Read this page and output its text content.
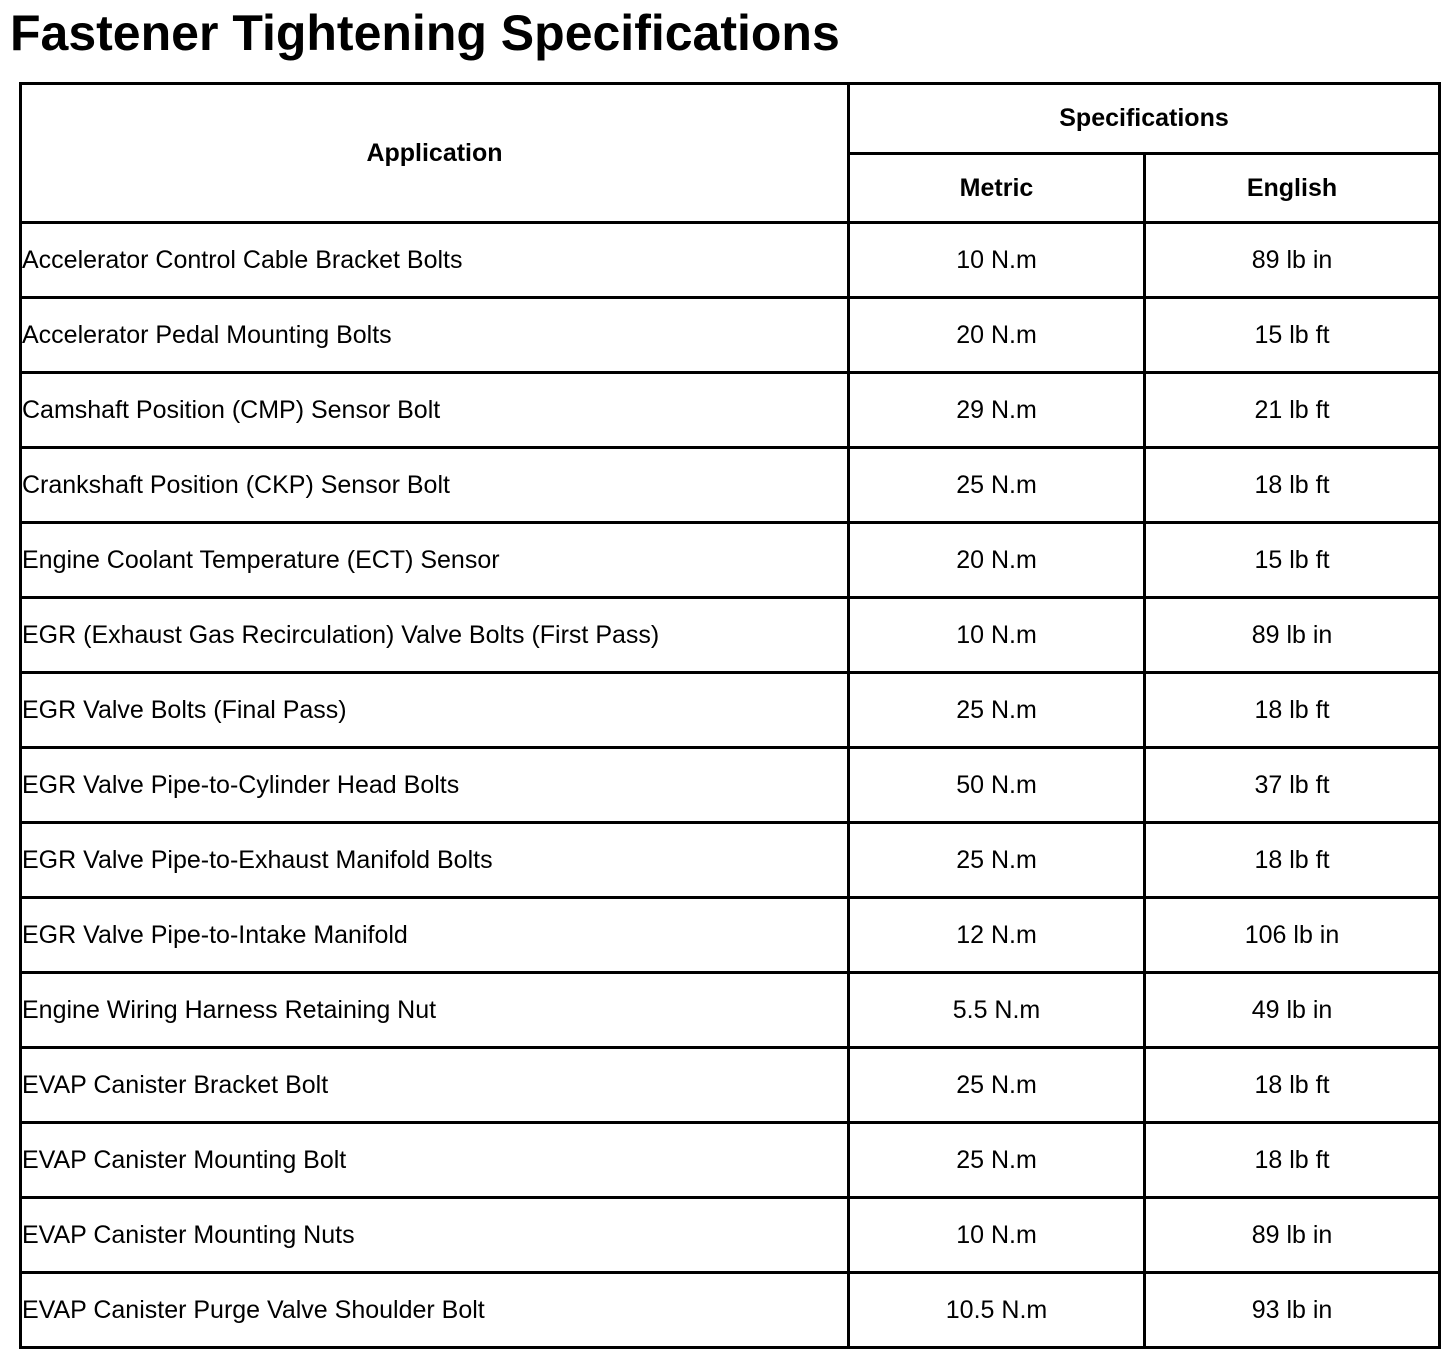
Fastener Tightening Specifications
Application	Specifications	
	Metric	English
Accelerator Control Cable Bracket Bolts	10 N.m	89 lb in
Accelerator Pedal Mounting Bolts	20 N.m	15 lb ft
Camshaft Position (CMP) Sensor Bolt	29 N.m	21 lb ft
Crankshaft Position (CKP) Sensor Bolt	25 N.m	18 lb ft
Engine Coolant Temperature (ECT) Sensor	20 N.m	15 lb ft
EGR (Exhaust Gas Recirculation) Valve Bolts (First Pass)	10 N.m	89 lb in
EGR Valve Bolts (Final Pass)	25 N.m	18 lb ft
EGR Valve Pipe-to-Cylinder Head Bolts	50 N.m	37 lb ft
EGR Valve Pipe-to-Exhaust Manifold Bolts	25 N.m	18 lb ft
EGR Valve Pipe-to-Intake Manifold	12 N.m	106 lb in
Engine Wiring Harness Retaining Nut	5.5 N.m	49 lb in
EVAP Canister Bracket Bolt	25 N.m	18 lb ft
EVAP Canister Mounting Bolt	25 N.m	18 lb ft
EVAP Canister Mounting Nuts	10 N.m	89 lb in
EVAP Canister Purge Valve Shoulder Bolt	10.5 N.m	93 lb in
